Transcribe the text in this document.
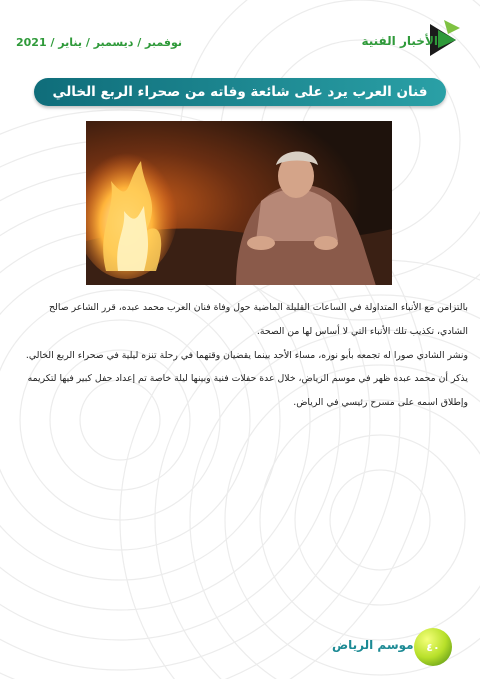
نوفمبر / ديسمبر / يناير / 2021	الأخبار الفنية
فنان العرب يرد على شائعة وفاته من صحراء الربع الخالي

بالتزامن مع الأنباء المتداولة في الساعات القليلة الماضية حول وفاة فنان العرب محمد عبده، قرر الشاعر صالح الشادي، تكذيب تلك الأنباء التي لا أساس لها من الصحة.

ونشر الشادي صورا له تجمعه بأبو نوره، مساء الأحد بينما يقضيان وقتهما في رحلة تنزه ليلية في صحراء الربع الخالي.

يذكر أن محمد عبده ظهر في موسم الرياض، خلال عدة حفلات فنية وبينها ليلة خاصة تم إعداد حفل كبير فيها لتكريمه وإطلاق اسمه على مسرح رئيسي في الرياض.

٤٠
موسم الرياض
